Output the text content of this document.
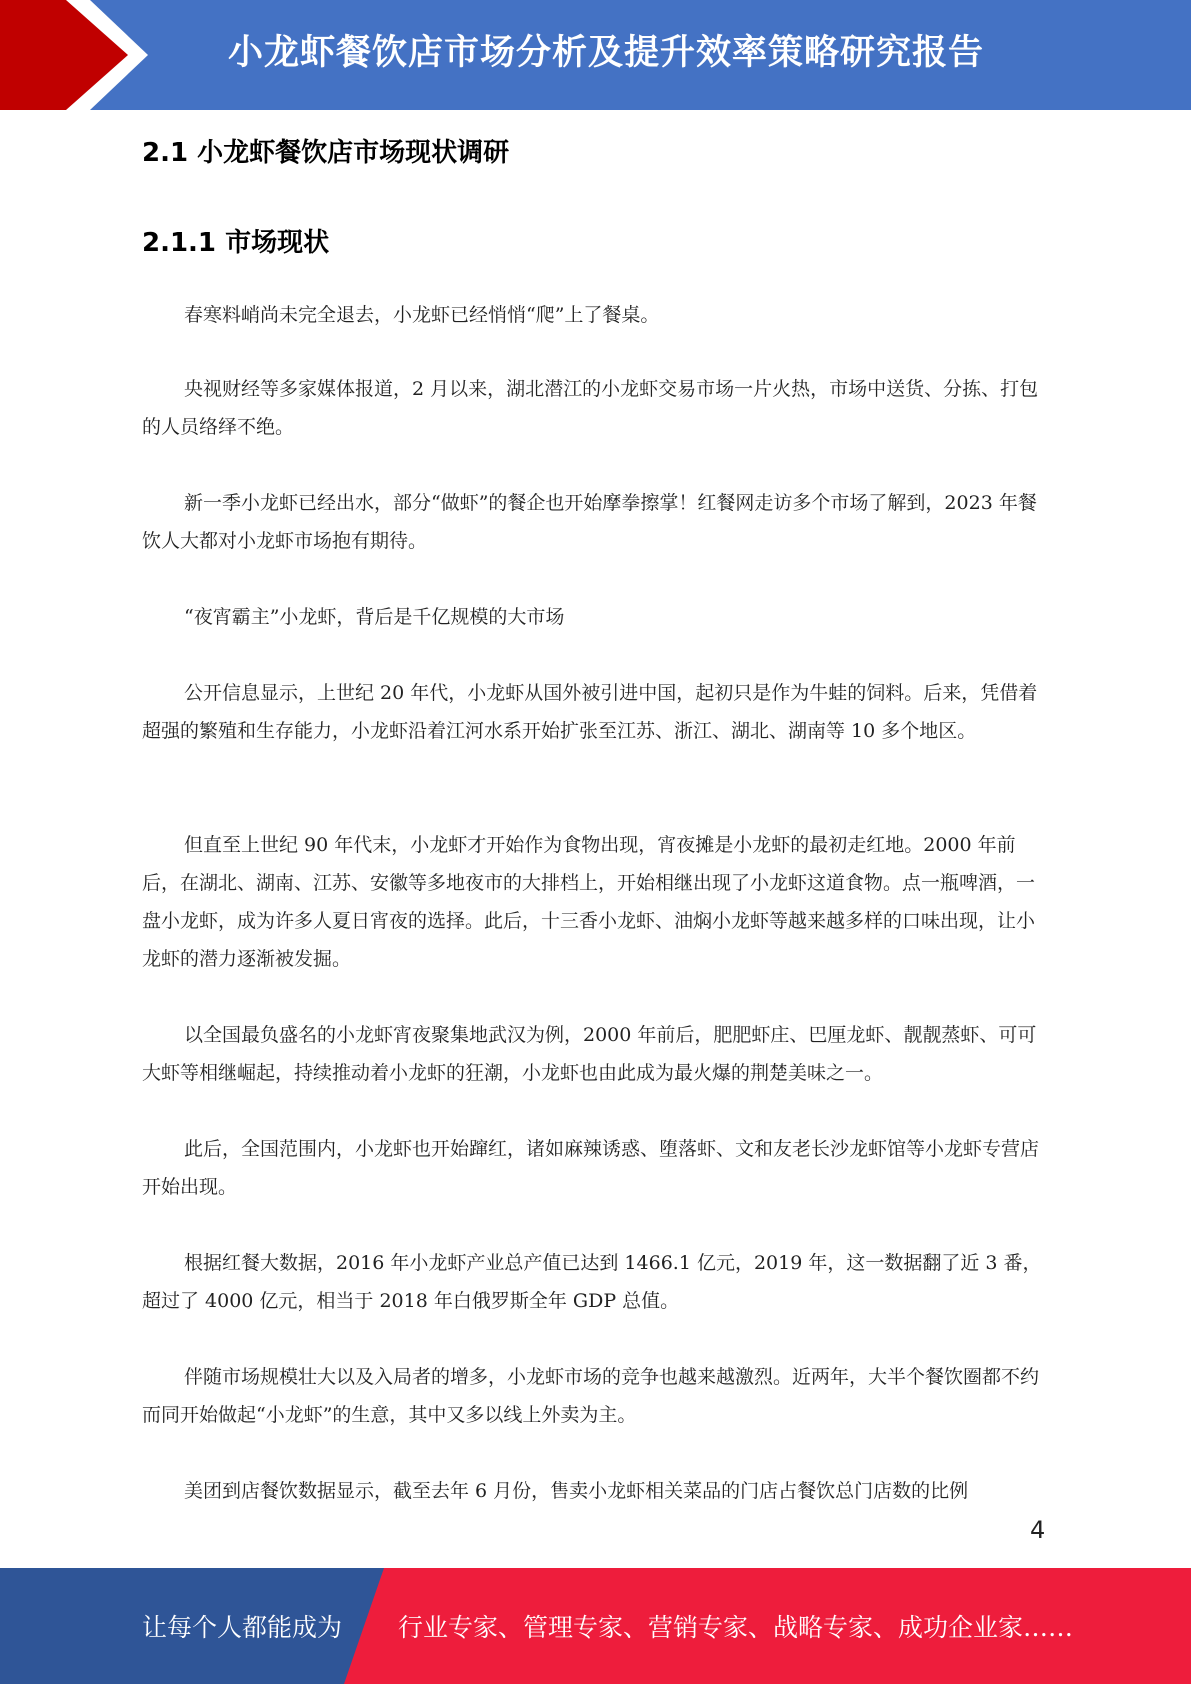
小龙虾餐饮店市场分析及提升效率策略研究报告
2.1 小龙虾餐饮店市场现状调研
2.1.1 市场现状

春寒料峭尚未完全退去，小龙虾已经悄悄“爬”上了餐桌。

央视财经等多家媒体报道，2 月以来，湖北潜江的小龙虾交易市场一片火热，市场中送货、分拣、打包的人员络绎不绝。

新一季小龙虾已经出水，部分“做虾”的餐企也开始摩拳擦掌！红餐网走访多个市场了解到，2023 年餐饮人大都对小龙虾市场抱有期待。

“夜宵霸主”小龙虾，背后是千亿规模的大市场

公开信息显示，上世纪 20 年代，小龙虾从国外被引进中国，起初只是作为牛蛙的饲料。后来，凭借着超强的繁殖和生存能力，小龙虾沿着江河水系开始扩张至江苏、浙江、湖北、湖南等 10 多个地区。

但直至上世纪 90 年代末，小龙虾才开始作为食物出现，宵夜摊是小龙虾的最初走红地。2000 年前后，在湖北、湖南、江苏、安徽等多地夜市的大排档上，开始相继出现了小龙虾这道食物。点一瓶啤酒，一盘小龙虾，成为许多人夏日宵夜的选择。此后，十三香小龙虾、油焖小龙虾等越来越多样的口味出现，让小龙虾的潜力逐渐被发掘。

以全国最负盛名的小龙虾宵夜聚集地武汉为例，2000 年前后，肥肥虾庄、巴厘龙虾、靓靓蒸虾、可可大虾等相继崛起，持续推动着小龙虾的狂潮，小龙虾也由此成为最火爆的荆楚美味之一。

此后，全国范围内，小龙虾也开始蹿红，诸如麻辣诱惑、堕落虾、文和友老长沙龙虾馆等小龙虾专营店开始出现。

根据红餐大数据，2016 年小龙虾产业总产值已达到 1466.1 亿元，2019 年，这一数据翻了近 3 番，超过了 4000 亿元，相当于 2018 年白俄罗斯全年 GDP 总值。

伴随市场规模壮大以及入局者的增多，小龙虾市场的竞争也越来越激烈。近两年，大半个餐饮圈都不约而同开始做起“小龙虾”的生意，其中又多以线上外卖为主。

美团到店餐饮数据显示，截至去年 6 月份，售卖小龙虾相关菜品的门店占餐饮总门店数的比例

4
让每个人都能成为 行业专家、管理专家、营销专家、战略专家、成功企业家……
